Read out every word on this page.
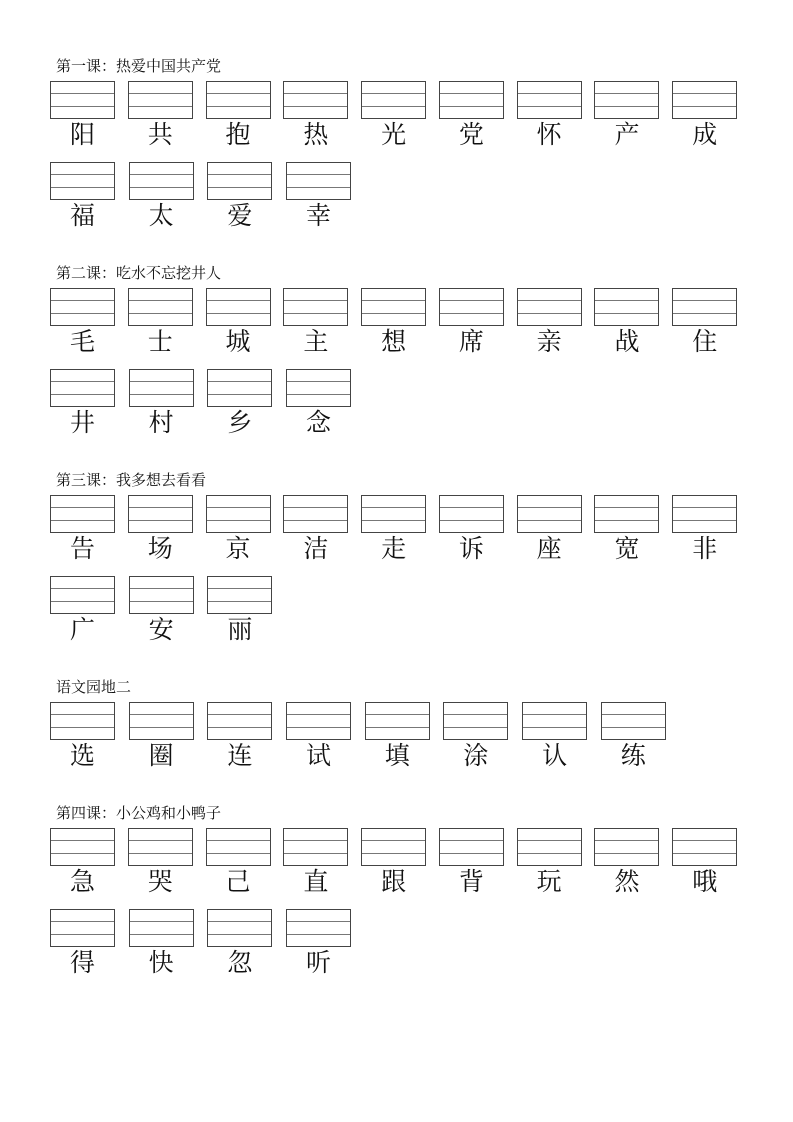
第一课：热爱中国共产党
阳	共	抱	热	光	党	怀	产	成
福	太	爱	幸
第二课：吃水不忘挖井人
毛	士	城	主	想	席	亲	战	住
井	村	乡	念
第三课：我多想去看看
告	场	京	洁	走	诉	座	宽	非
广	安	丽
语文园地二
选	圈	连	试	填	涂	认	练
第四课：小公鸡和小鸭子
急	哭	己	直	跟	背	玩	然	哦
得	快	忽	听
